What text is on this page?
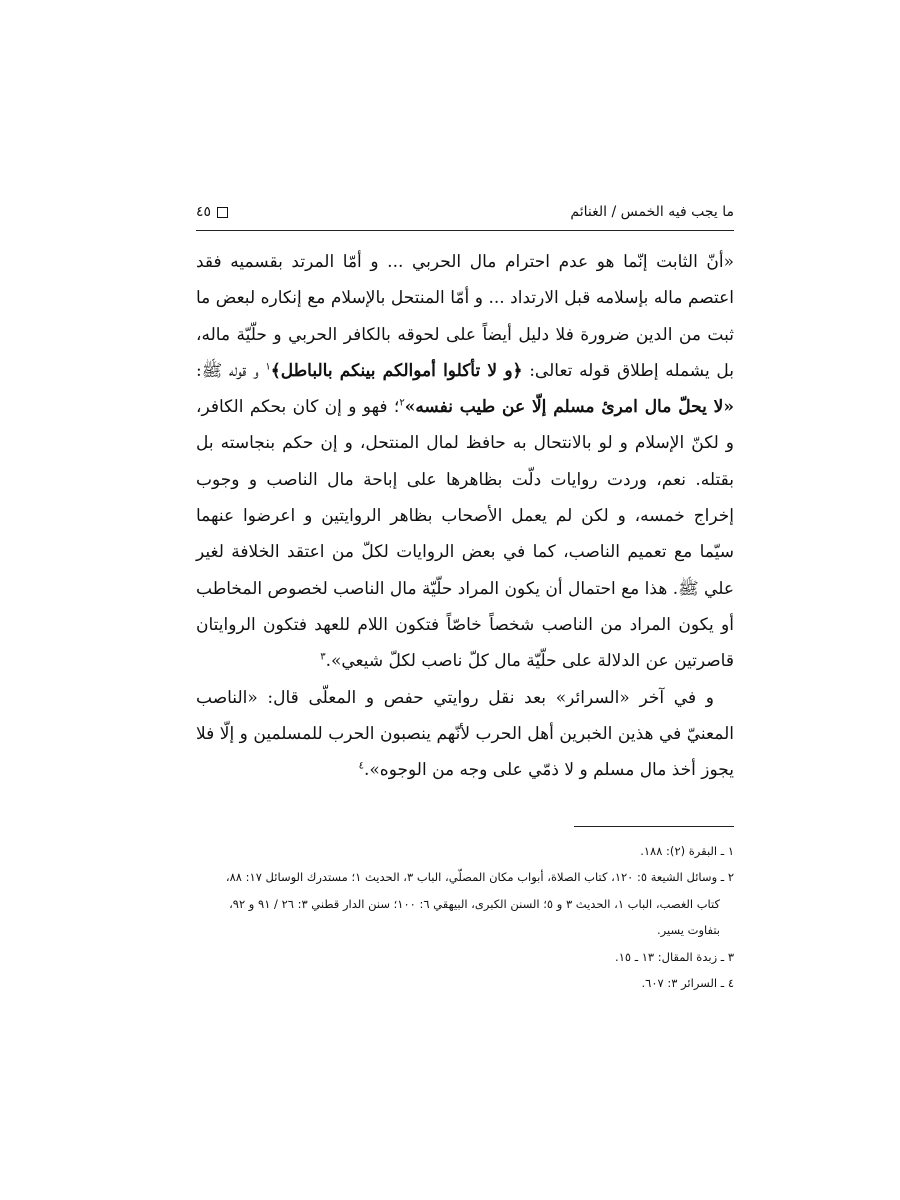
ما يجب فيه الخمس / الغنائم
٤٥

«أنّ الثابت إنّما هو عدم احترام مال الحربي ... و أمّا المرتد بقسميه فقد اعتصم ماله بإسلامه قبل الارتداد ... و أمّا المنتحل بالإسلام مع إنكاره لبعض ما ثبت من الدين ضرورة فلا دليل أيضاً على لحوقه بالكافر الحربي و حلّيّة ماله، بل يشمله إطلاق قوله تعالى: ﴿و لا تأكلوا أموالكم بينكم بالباطل﴾$^١$ و قوله ﷺ: «لا يحلّ مال امرئ مسلم إلّا عن طيب نفسه»$^٢$؛ فهو و إن كان بحكم الكافر، و لكنّ الإسلام و لو بالانتحال به حافظ لمال المنتحل، و إن حكم بنجاسته بل بقتله. نعم، وردت روايات دلّت بظاهرها على إباحة مال الناصب و وجوب إخراج خمسه، و لكن لم يعمل الأصحاب بظاهر الروايتين و اعرضوا عنهما سيّما مع تعميم الناصب، كما في بعض الروايات لكلّ من اعتقد الخلافة لغير علي ﷺ. هذا مع احتمال أن يكون المراد حلّيّة مال الناصب لخصوص المخاطب أو يكون المراد من الناصب شخصاً خاصّاً فتكون اللام للعهد فتكون الروايتان قاصرتين عن الدلالة على حلّيّة مال كلّ ناصب لكلّ شيعي».$^٣$

و في آخر «السرائر» بعد نقل روايتي حفص و المعلّى قال: «الناصب المعنيّ في هذين الخبرين أهل الحرب لأنّهم ينصبون الحرب للمسلمين و إلّا فلا يجوز أخذ مال مسلم و لا ذمّي على وجه من الوجوه».$^٤$

١ ـ البقرة (٢): ١٨٨.

٢ ـ وسائل الشيعة ٥: ١٢٠، كتاب الصلاة، أبواب مكان المصلّي، الباب ٣، الحديث ١؛ مستدرك الوسائل ١٧: ٨٨،

كتاب الغصب، الباب ١، الحديث ٣ و ٥؛ السنن الكبرى، البيهقي ٦: ١٠٠؛ سنن الدار قطني ٣: ٢٦ / ٩١ و ٩٢،

بتفاوت يسير.

٣ ـ زبدة المقال: ١٣ ـ ١٥.

٤ ـ السرائر ٣: ٦٠٧.
